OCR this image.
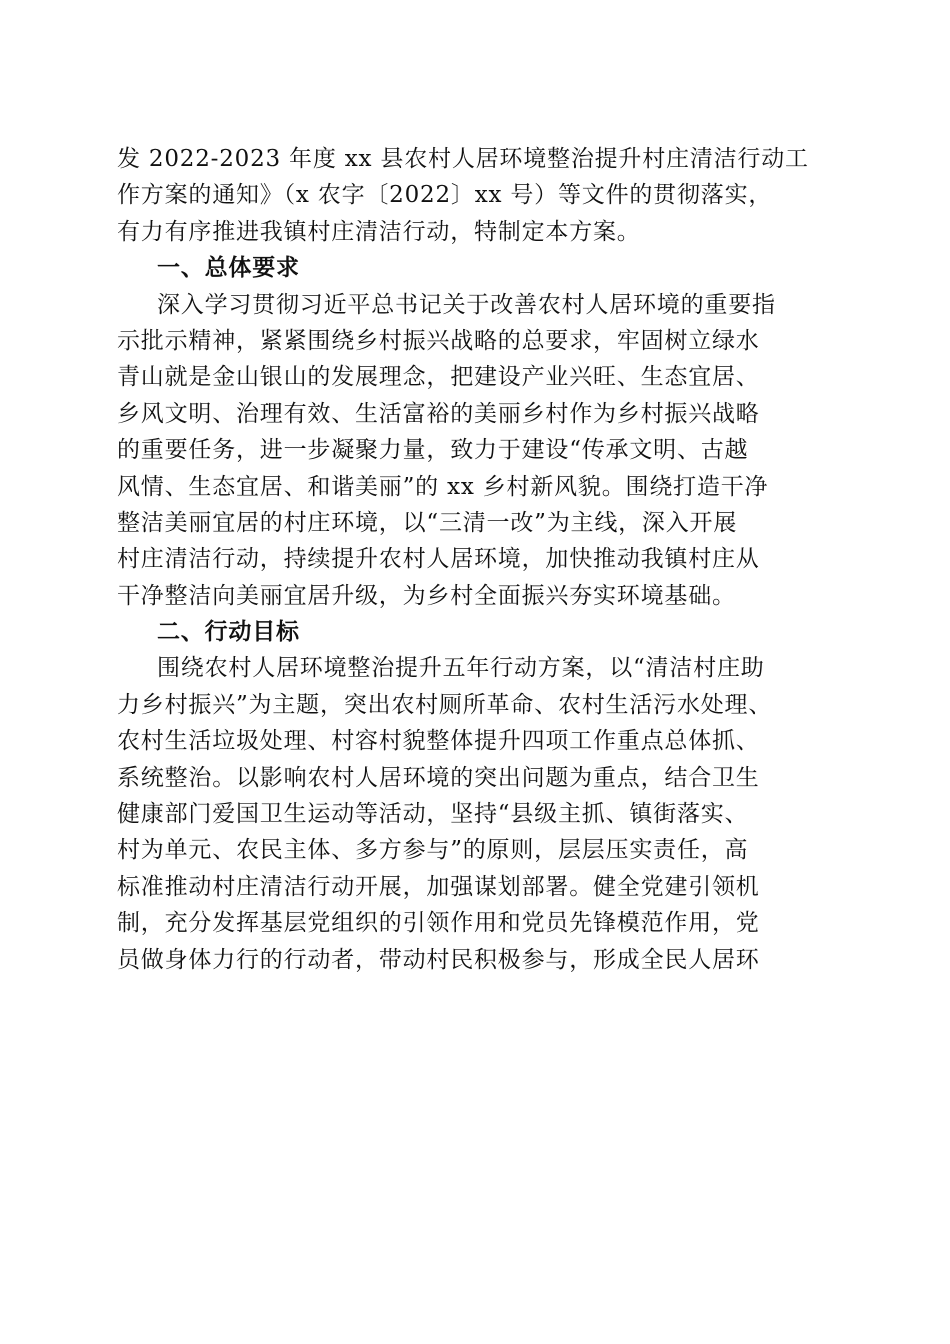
发 2022-2023 年度 xx 县农村人居环境整治提升村庄清洁行动工
作方案的通知》（x 农字〔2022〕xx 号）等文件的贯彻落实，
有力有序推进我镇村庄清洁行动，特制定本方案。
一、总体要求
深入学习贯彻习近平总书记关于改善农村人居环境的重要指
示批示精神，紧紧围绕乡村振兴战略的总要求，牢固树立绿水
青山就是金山银山的发展理念，把建设产业兴旺、生态宜居、
乡风文明、治理有效、生活富裕的美丽乡村作为乡村振兴战略
的重要任务，进一步凝聚力量，致力于建设“传承文明、古越
风情、生态宜居、和谐美丽”的 xx 乡村新风貌。围绕打造干净
整洁美丽宜居的村庄环境，以“三清一改”为主线，深入开展
村庄清洁行动，持续提升农村人居环境，加快推动我镇村庄从
干净整洁向美丽宜居升级，为乡村全面振兴夯实环境基础。
二、行动目标
围绕农村人居环境整治提升五年行动方案，以“清洁村庄助
力乡村振兴”为主题，突出农村厕所革命、农村生活污水处理、
农村生活垃圾处理、村容村貌整体提升四项工作重点总体抓、
系统整治。以影响农村人居环境的突出问题为重点，结合卫生
健康部门爱国卫生运动等活动，坚持“县级主抓、镇街落实、
村为单元、农民主体、多方参与”的原则，层层压实责任，高
标准推动村庄清洁行动开展，加强谋划部署。健全党建引领机
制，充分发挥基层党组织的引领作用和党员先锋模范作用，党
员做身体力行的行动者，带动村民积极参与，形成全民人居环
